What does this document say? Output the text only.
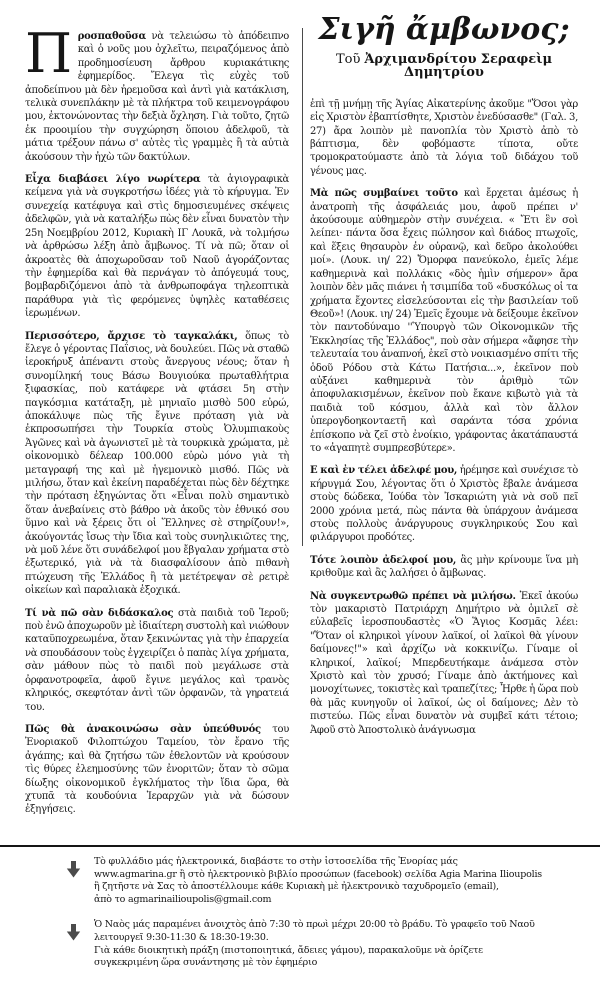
Προσπαθοῦσα νὰ τελειώσω τὸ ἀπόδειπνο καὶ ὁ νοῦς μου ὀχλεῖτω, πειραζόμενος ἀπὸ προδημοσίευση ἄρθρου κυριακάτικης ἐφημερίδος. Ἔλεγα τὶς εὐχὲς τοῦ ἀποδείπνου μὰ δὲν ἠρεμοῦσα καὶ ἀντὶ γιὰ κατάκλιση, τελικὰ συνεπλάκην μὲ τὰ πλήκτρα τοῦ κειμενογράφου μου, ἐκτονώνοντας τὴν δεξιὰ ὄχληση. Γιὰ τοῦτο, ζητῶ ἐκ προοιμίου τὴν συγχώρηση ὅποιου ἀδελφοῦ, τὰ μάτια τρέξουν πάνω σ' αὐτὲς τὶς γραμμὲς ἢ τὰ αὐτιὰ ἀκούσουν τὴν ἠχὼ τῶν δακτύλων.

Εἶχα διαβάσει λίγο νωρίτερα τὰ ἁγιογραφικὰ κείμενα γιὰ νὰ συγκροτήσω ἰδέες γιὰ τὸ κήρυγμα. Ἐν συνεχείᾳ κατέφυγα καὶ στὶς δημοσιευμένες σκέψεις ἀδελφῶν, γιὰ νὰ καταλήξω πὼς δὲν εἶναι δυνατὸν τὴν 25η Νοεμβρίου 2012, Κυριακὴ ΙΓ Λουκᾶ, νὰ τολμήσω νὰ ἀρθρώσω λέξη ἀπὸ ἄμβωνος. Τί νὰ πῶ; ὅταν οἱ ἀκροατὲς θὰ ἀποχωροῦσαν τοῦ Ναοῦ ἀγοράζοντας τὴν ἐφημερίδα καὶ θὰ περνάγαν τὸ ἀπόγευμά τους, βομβαρδιζόμενοι ἀπὸ τὰ ἀνθρωποφάγα τηλεοπτικὰ παράθυρα γιὰ τὶς φερόμενες ὑψηλὲς καταθέσεις ἱερωμένων.

Περισσότερο, ἄρχισε τὸ ταγκαλάκι, ὅπως τὸ ἔλεγε ὁ γέροντας Παΐσιος, νὰ δουλεύει. Πῶς νὰ σταθῶ ἱεροκήρυξ ἀπέναντι στοὺς ἄνεργους νέους; ὅταν ἡ συνομίληκή τους Βάσω Βουγιούκα πρωταθλήτρια ξιφασκίας, ποὺ κατάφερε νὰ φτάσει 5η στὴν παγκόσμια κατάταξη, μὲ μηνιαῖο μισθὸ 500 εὐρώ, ἀποκάλυψε πὼς τῆς ἔγινε πρόταση γιὰ νὰ ἐκπροσωπήσει τὴν Τουρκία στοὺς Ὀλυμπιακοὺς Ἀγῶνες καὶ νὰ ἀγωνιστεῖ μὲ τὰ τουρκικὰ χρώματα, μὲ οἰκονομικὸ δέλεαρ 100.000 εὐρὼ μόνο γιὰ τὴ μεταγραφή της καὶ μὲ ἡγεμονικὸ μισθό. Πῶς νὰ μιλήσω, ὅταν καὶ ἐκείνη παραδέχεται πὼς δὲν δέχτηκε τὴν πρόταση ἐξηγώντας ὅτι «Εἶναι πολὺ σημαντικὸ ὅταν ἀνεβαίνεις στὸ βάθρο νὰ ἀκοῦς τὸν ἐθνικό σου ὕμνο καὶ νὰ ξέρεις ὅτι οἱ Ἕλληνες σὲ στηρίζουν!», ἀκούγοντάς ἴσως τὴν ἴδια καὶ τοὺς συνηλικιῶτες της, νὰ μοῦ λένε ὅτι συνάδελφοί μου ἔβγαλαν χρήματα στὸ ἐξωτερικό, γιὰ νὰ τὰ διασφαλίσουν ἀπὸ πιθανὴ πτώχευση τῆς Ἑλλάδος ἢ τὰ μετέτρεψαν σὲ ρετιρὲ οἰκείων καὶ παραλιακὰ ἐξοχικά.

Τί νὰ πῶ σὰν διδάσκαλος στὰ παιδιὰ τοῦ Ἱεροῦ; ποὺ ἐνῶ ἀποχωροῦν μὲ ἰδιαίτερη συστολὴ καὶ νιώθουν καταϋποχρεωμένα, ὅταν ξεκινώντας γιὰ τὴν ἐπαρχεία νὰ σπουδάσουν τοὺς ἐγχειρίζει ὁ παπὰς λίγα χρήματα, σὰν μάθουν πὼς τὸ παιδὶ ποὺ μεγάλωσε στὰ ὀρφανοτροφεῖα, ἀφοῦ ἔγινε μεγάλος καὶ τρανὸς κληρικός, σκεφτόταν ἀντὶ τῶν ὀρφανῶν, τὰ γηρατειά του.

Πῶς θὰ ἀνακοινώσω σὰν ὑπεύθυνός του Ἐνοριακοῦ Φιλοπτώχου Ταμείου, τὸν ἔρανο τῆς ἀγάπης; καὶ θὰ ζητήσω τῶν ἐθελοντῶν νὰ κρούσουν τὶς θύρες ἐλεημοσύνης τῶν ἐνοριτῶν; ὅταν τὸ σῶμα δίωξης οἰκονομικοῦ ἐγκλήματος τὴν ἴδια ὥρα, θὰ χτυπᾶ τὰ κουδούνια Ἱεραρχῶν γιὰ νὰ δώσουν ἐξηγήσεις.

Σιγῆ ἄμβωνος;
Τοῦ Ἀρχιμανδρίτου Σεραφεὶμ Δημητρίου

ἐπὶ τῇ μνήμῃ τῆς Ἁγίας Αἰκατερίνης ἀκοῦμε "Ὅσοι γὰρ εἰς Χριστὸν ἐβαπτίσθητε, Χριστὸν ἐνεδύσασθε" (Γαλ. 3, 27) ἄρα λοιπὸν μὲ πανοπλία τὸν Χριστὸ ἀπὸ τὸ βάπτισμα, δὲν φοβόμαστε τίποτα, οὔτε τρομοκρατούμαστε ἀπὸ τὰ λόγια τοῦ διδάχου τοῦ γένους μας.

Μὰ πῶς συμβαίνει τοῦτο καὶ ἔρχεται ἀμέσως ἡ ἀνατροπὴ τῆς ἀσφάλειάς μου, ἀφοῦ πρέπει ν' ἀκούσουμε αὐθημερὸν στὴν συνέχεια. « Ἔτι ἓν σοὶ λείπει· πάντα ὅσα ἔχεις πώλησον καὶ διάδος πτωχοῖς, καὶ ἕξεις θησαυρὸν ἐν οὐρανῷ, καὶ δεῦρο ἀκολούθει μοί». (Λουκ. ιη/ 22) Ὄμορφα πανεύκολο, ἐμεῖς λέμε καθημερινὰ καὶ πολλάκις «δὸς ἡμὶν σήμερον» ἄρα λοιπὸν δὲν μᾶς πιάνει ἡ τσιμπίδα τοῦ «δυσκόλως οἱ τα χρήματα ἔχοντες εἰσελεύσονται εἰς τὴν βασιλείαν τοῦ Θεοῦ»! (Λουκ. ιη/ 24) Ἐμεῖς ἔχουμε νὰ δείξουμε ἐκεῖνον τὸν παντοδύναμο ''Ὑπουργὸ τῶν Οἰκονομικῶν τῆς Ἐκκλησίας τῆς Ἑλλάδος", ποὺ σὰν σήμερα «ἄφησε τὴν τελευταία του ἀναπνοή, ἐκεῖ στὸ νοικιασμένο σπίτι τῆς ὁδοῦ Ρόδου στὰ Κάτω Πατήσια...», ἐκεῖνον ποὺ αὐξάνει καθημερινὰ τὸν ἀριθμὸ τῶν ἀποφυλακισμένων, ἐκεῖνον ποὺ ἔκανε κιβωτὸ γιὰ τὰ παιδιὰ τοῦ κόσμου, ἀλλὰ καὶ τὸν ἄλλον ὑπερογδοηκονταετῆ καὶ σαράντα τόσα χρόνια ἐπίσκοπο νὰ ζεῖ στὸ ἐνοίκιο, γράφοντας ἀκατάπαυστά το «ἀγαπητὲ συμπρεσβύτερε».

Ε καὶ ἐν τέλει ἀδελφέ μου, ἠρέμησε καὶ συνέχισε τὸ κήρυγμά Σου, λέγοντας ὅτι ὁ Χριστὸς ἔβαλε ἀνάμεσα στοὺς δώδεκα, Ἰούδα τὸν Ἰσκαριώτη γιὰ νὰ σοῦ πεῖ 2000 χρόνια μετά, πὼς πάντα θὰ ὑπάρχουν ἀνάμεσα στοὺς πολλοὺς ἀνάργυρους συγκληρικούς Σου καὶ φιλάργυροι προδότες.

Τότε λοιπὸν ἀδελφοί μου, ἂς μὴν κρίνουμε ἵνα μὴ κριθοῦμε καὶ ἂς λαλήσει ὁ ἄμβωνας.

Νὰ συγκεντρωθῶ πρέπει νὰ μιλήσω. Ἐκεῖ ἀκούω τὸν μακαριστὸ Πατριάρχη Δημήτριο νὰ ὁμιλεῖ σὲ εὐλαβεῖς ἱεροσπουδαστὲς «Ὁ Ἅγιος Κοσμᾶς λέει: "Ὅταν οἱ κληρικοὶ γίνουν λαϊκοί, οἱ λαϊκοὶ θὰ γίνουν δαίμονες!"» καὶ ἀρχίζω νὰ κοκκινίζω. Γίναμε οἱ κληρικοί, λαϊκοί; Μπερδευτήκαμε ἀνάμεσα στὸν Χριστὸ καὶ τὸν χρυσό; Γίναμε ἀπὸ ἀκτήμονες καὶ μονοχίτωνες, τοκιστὲς καὶ τραπεζίτες; Ἦρθε ἡ ὥρα ποὺ θὰ μᾶς κυνηγοῦν οἱ λαϊκοί, ὡς οἱ δαίμονες; Δὲν τὸ πιστεύω. Πῶς εἶναι δυνατὸν νὰ συμβεῖ κάτι τέτοιο; Ἀφοῦ στὸ Ἀποστολικὸ ἀνάγνωσμα

Τὸ φυλλάδιο μάς ἠλεκτρονικά, διαβάστε το στὴν ἱστοσελίδα τῆς Ἐνορίας μάς
www.agmarina.gr ἢ στὸ ἠλεκτρονικὸ βιβλίο προσώπων (facebook) σελίδα Agia Marina Ilioupolis
ἢ ζητῆστε νὰ Σας τὸ ἀποστέλλουμε κάθε Κυριακὴ μὲ ἠλεκτρονικὸ ταχυδρομεῖο (email),
ἀπὸ το agmarinailioupolis@gmail.com
Ὁ Ναὸς μάς παραμένει ἀνοιχτὸς ἀπὸ 7:30 τὸ πρωὶ μέχρι 20:00 τὸ βράδυ. Τὸ γραφεῖο τοῦ Ναοῦ
λειτουργεῖ 9:30-11:30 & 18:30-19:30.
Γιὰ κάθε διοικητικὴ πράξη (πιστοποιητικά, ἄδειες γάμου), παρακαλοῦμε νὰ ὁρίζετε
συγκεκριμένη ὥρα συνάντησης μὲ τὸν ἐφημέριο
